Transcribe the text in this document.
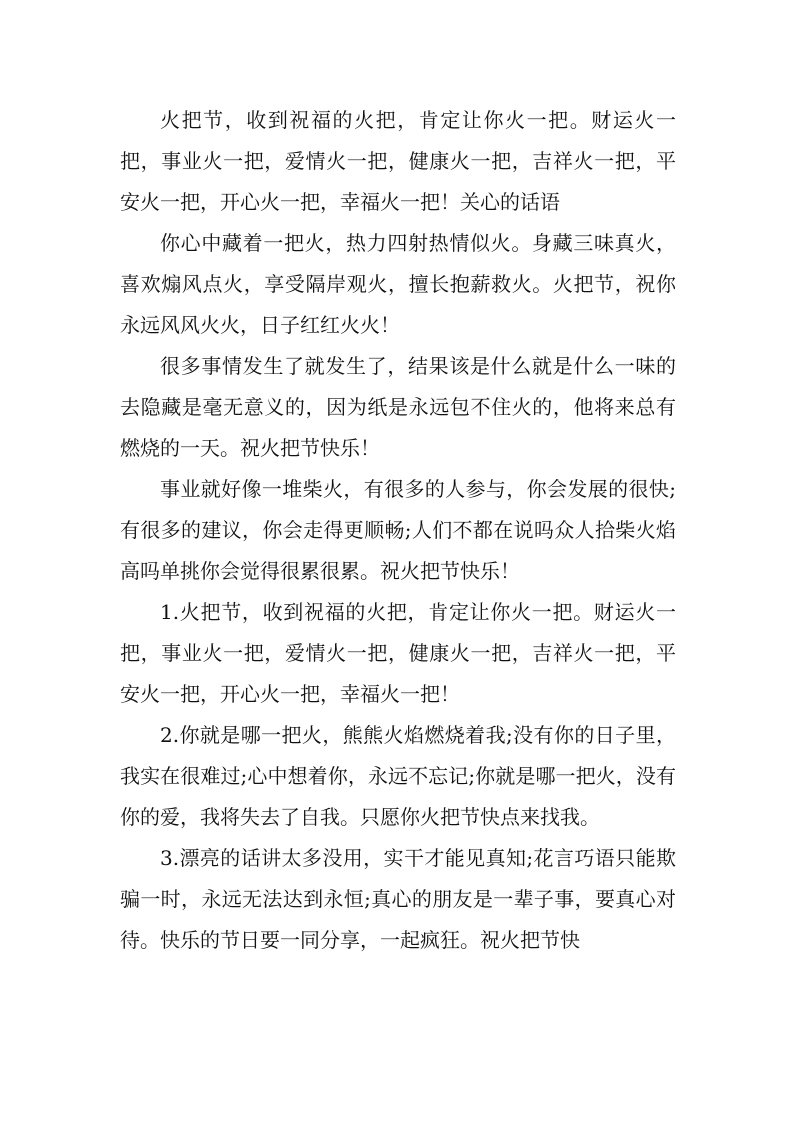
火把节，收到祝福的火把，肯定让你火一把。财运火一把，事业火一把，爱情火一把，健康火一把，吉祥火一把，平安火一把，开心火一把，幸福火一把！关心的话语

你心中藏着一把火，热力四射热情似火。身藏三味真火，喜欢煽风点火，享受隔岸观火，擅长抱薪救火。火把节，祝你永远风风火火，日子红红火火！

很多事情发生了就发生了，结果该是什么就是什么一味的去隐藏是毫无意义的，因为纸是永远包不住火的，他将来总有燃烧的一天。祝火把节快乐！

事业就好像一堆柴火，有很多的人参与，你会发展的很快;有很多的建议，你会走得更顺畅;人们不都在说吗众人拾柴火焰高吗单挑你会觉得很累很累。祝火把节快乐！

1.火把节，收到祝福的火把，肯定让你火一把。财运火一把，事业火一把，爱情火一把，健康火一把，吉祥火一把，平安火一把，开心火一把，幸福火一把！

2.你就是哪一把火，熊熊火焰燃烧着我;没有你的日子里，我实在很难过;心中想着你，永远不忘记;你就是哪一把火，没有你的爱，我将失去了自我。只愿你火把节快点来找我。

3.漂亮的话讲太多没用，实干才能见真知;花言巧语只能欺骗一时，永远无法达到永恒;真心的朋友是一辈子事，要真心对待。快乐的节日要一同分享，一起疯狂。祝火把节快
